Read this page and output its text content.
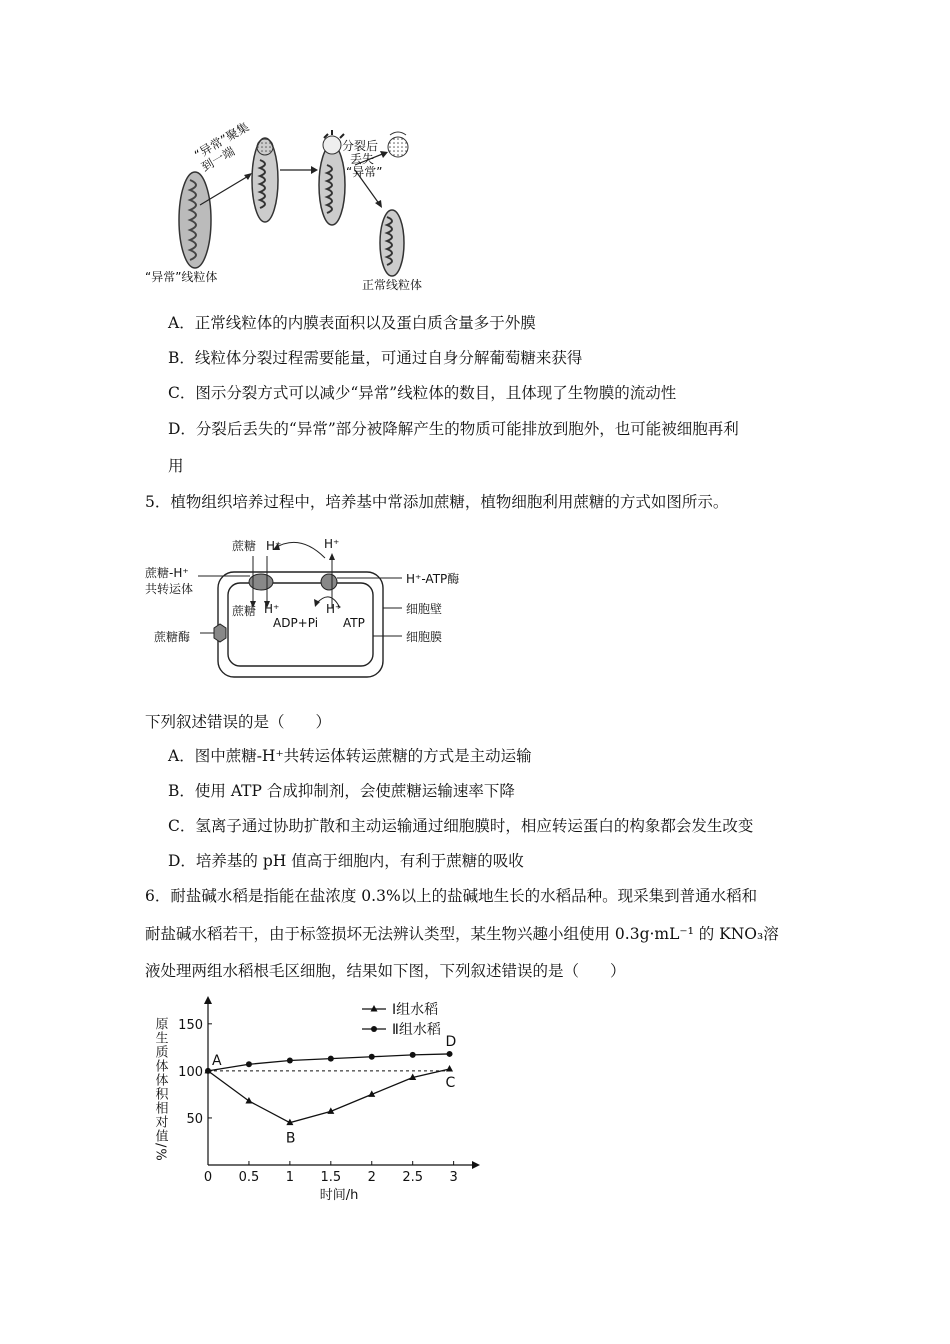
“异常”聚集到一端	分裂后
丢失
“异常”
“异常”线粒体
正常线粒体
A．正常线粒体的内膜表面积以及蛋白质含量多于外膜
B．线粒体分裂过程需要能量，可通过自身分解葡萄糖来获得
C．图示分裂方式可以减少“异常”线粒体的数目，且体现了生物膜的流动性
D．分裂后丢失的“异常”部分被降解产生的物质可能排放到胞外，也可能被细胞再利
用
5．植物组织培养过程中，培养基中常添加蔗糖，植物细胞利用蔗糖的方式如图所示。
蔗糖 H⁺	H⁺
蔗糖-H⁺
共转运体
H⁺-ATP酶
蔗糖 H⁺	H⁺	细胞壁
ADP+Pi ATP
蔗糖酶	细胞膜
下列叙述错误的是（　　）
A．图中蔗糖-H⁺共转运体转运蔗糖的方式是主动运输
B．使用 ATP 合成抑制剂，会使蔗糖运输速率下降
C．氢离子通过协助扩散和主动运输通过细胞膜时，相应转运蛋白的构象都会发生改变
D．培养基的 pH 值高于细胞内，有利于蔗糖的吸收
6．耐盐碱水稻是指能在盐浓度 0.3%以上的盐碱地生长的水稻品种。现采集到普通水稻和
耐盐碱水稻若干，由于标签损坏无法辨认类型，某生物兴趣小组使用 0.3g·mL⁻¹ 的 KNO₃溶
液处理两组水稻根毛区细胞，结果如下图，下列叙述错误的是（　　）
0 0.5 1 1.5 2 2.5 3
50
100
150
时间/h
原生质体体积相对值/%	A
B
C
D
Ⅰ组水稻
Ⅱ组水稻
